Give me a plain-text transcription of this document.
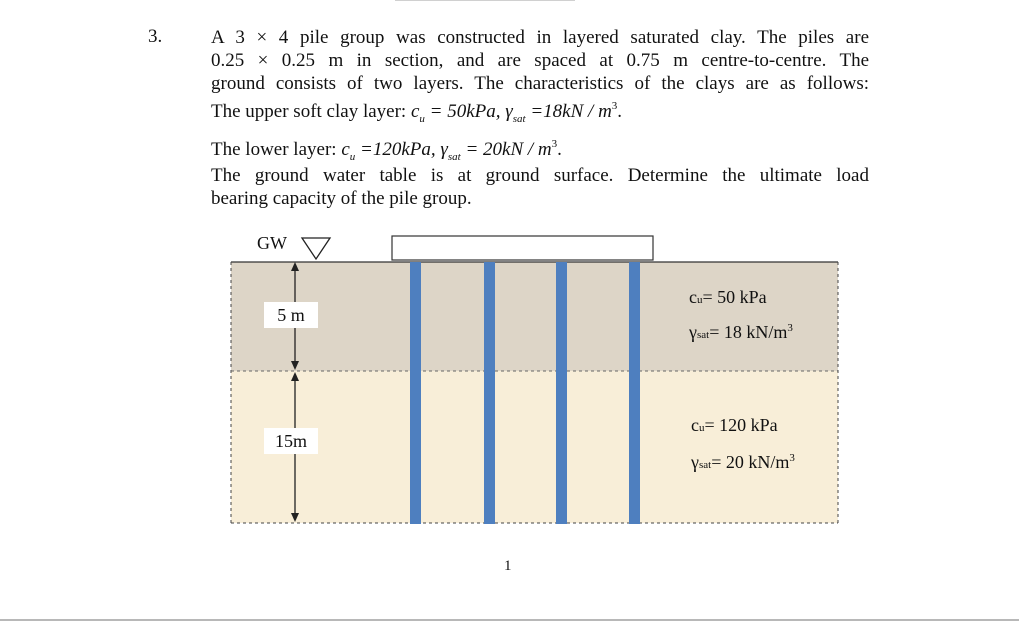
3.	A 3 × 4 pile group was constructed in layered saturated clay. The piles are
0.25 × 0.25 m in section, and are spaced at 0.75 m centre-to-centre. The
ground consists of two layers. The characteristics of the clays are as follows:
The upper soft clay layer: $c_u = 50kPa$, $\gamma_{sat} =18kN / m^3$.
The lower layer: $c_u =120kPa$, $\gamma_{sat} = 20kN / m^3$.
The ground water table is at ground surface. Determine the ultimate load
bearing capacity of the pile group.
GW
5 m
15m
cu= 50 kPa
γsat= 18 $kN/m^3$
cu= 120 kPa
γsat= 20 $kN/m^3$
1
